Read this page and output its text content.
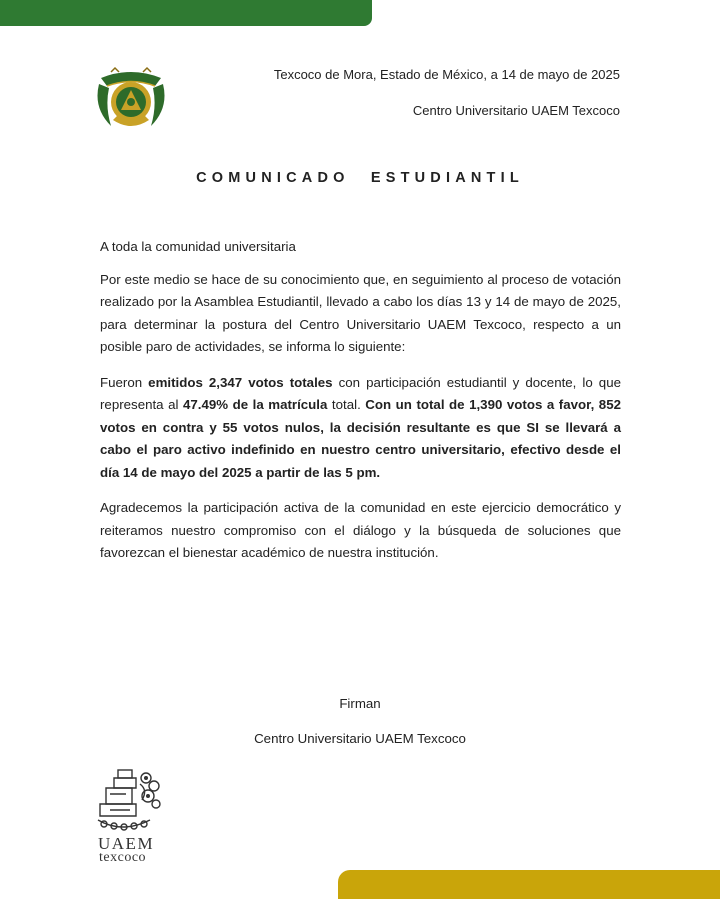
Texcoco de Mora, Estado de México, a 14 de mayo de 2025
Centro Universitario UAEM Texcoco
COMUNICADO ESTUDIANTIL

A toda la comunidad universitaria

Por este medio se hace de su conocimiento que, en seguimiento al proceso de votación realizado por la Asamblea Estudiantil, llevado a cabo los días 13 y 14 de mayo de 2025, para determinar la postura del Centro Universitario UAEM Texcoco, respecto a un posible paro de actividades, se informa lo siguiente:

Fueron emitidos 2,347 votos totales con participación estudiantil y docente, lo que representa al 47.49% de la matrícula total. Con un total de 1,390 votos a favor, 852 votos en contra y 55 votos nulos, la decisión resultante es que SI se llevará a cabo el paro activo indefinido en nuestro centro universitario, efectivo desde el día 14 de mayo del 2025 a partir de las 5 pm.

Agradecemos la participación activa de la comunidad en este ejercicio democrático y reiteramos nuestro compromiso con el diálogo y la búsqueda de soluciones que favorezcan el bienestar académico de nuestra institución.

Firman
Centro Universitario UAEM Texcoco
UAEM
texcoco
